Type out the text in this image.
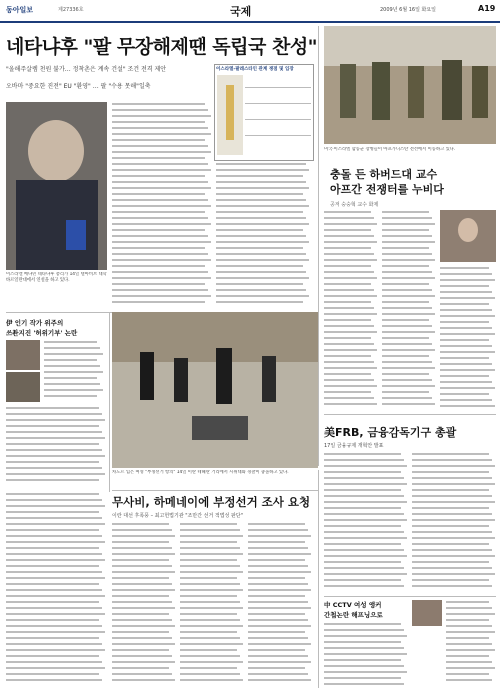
동아일보	제27336호	국제	2009년 6월 16일 화요일	A19
네타냐후 "팔 무장해제땐 독립국 찬성"
"올해주살렘 천원 불가… 정착촌은 계속 건설" 조건 전격 제안
오바마 "중요한 진전" EU "환영" … 팔 "수용 못해"일축
이스라엘 베냐민 네타냐후 총리가 14일 텔아비브 대학 바르일란대에서 연설을 하고 있다.
이스라엘-팔레스타인 관계 쟁점 및 입장
미국·이스라엘 합동군 장병들이 아프가니스탄 전선에서 이동하고 있다.
충돌 든 하버드대 교수
아프간 전쟁터를 누비다
공저 숭숭혁 교수 화제
伊 인기 작가 위주의
쓰촨지진 '허위기부' 논란
차도르 입은 여성 "부정선거 항의" 14일 이란 테헤란 거리에서 시위대와 경찰이 충돌하고 있다.
무사비, 하메네이에 부정선거 조사 요청
이란 대선 후폭풍 – 최고헌법기관 "조만간 선거 적법성 판단"
美FRB, 금융감독기구 총괄
17일 금융규제 개혁안 발표
中 CCTV 여성 앵커
간첩논란 해프닝으로
